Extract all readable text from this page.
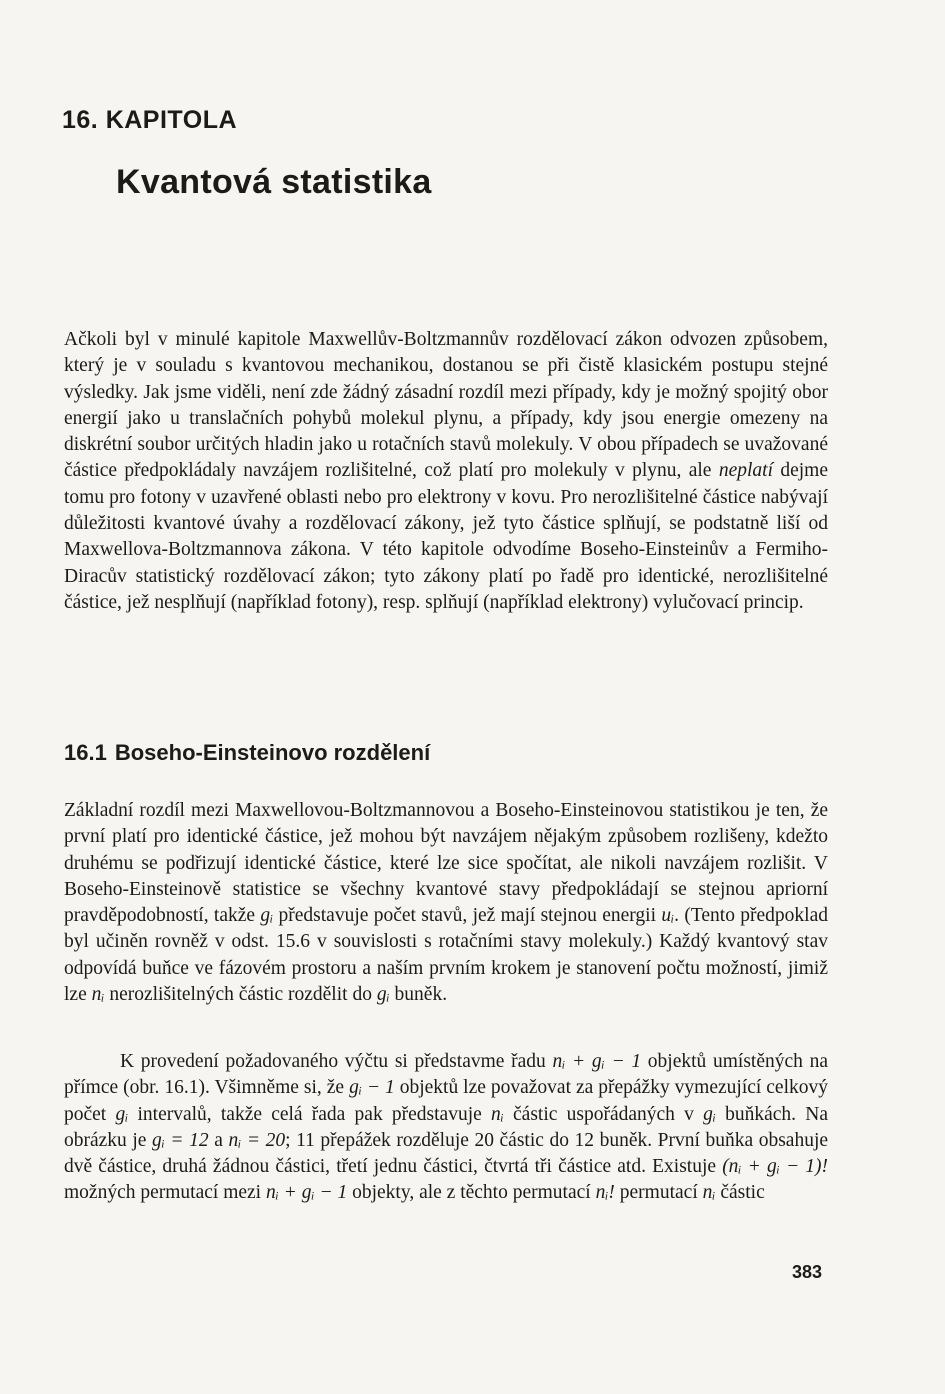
16. KAPITOLA
Kvantová statistika

Ačkoli byl v minulé kapitole Maxwellův-Boltzmannův rozdělovací zákon odvozen způsobem, který je v souladu s kvantovou mechanikou, dostanou se při čistě klasickém postupu stejné výsledky. Jak jsme viděli, není zde žádný zásadní rozdíl mezi případy, kdy je možný spojitý obor energií jako u translačních pohybů molekul plynu, a případy, kdy jsou energie omezeny na diskrétní soubor určitých hladin jako u rotačních stavů molekuly. V obou případech se uvažované částice předpokládaly navzájem rozlišitelné, což platí pro molekuly v plynu, ale neplatí dejme tomu pro fotony v uzavřené oblasti nebo pro elektrony v kovu. Pro nerozlišitelné částice nabývají důležitosti kvantové úvahy a rozdělovací zákony, jež tyto částice splňují, se podstatně liší od Maxwellova-Boltzmannova zákona. V této kapitole odvodíme Boseho-Einsteinův a Fermiho-Diracův statistický rozdělovací zákon; tyto zákony platí po řadě pro identické, nerozlišitelné částice, jež nesplňují (například fotony), resp. splňují (například elektrony) vylučovací princip.

16.1 Boseho-Einsteinovo rozdělení

Základní rozdíl mezi Maxwellovou-Boltzmannovou a Boseho-Einsteinovou statistikou je ten, že první platí pro identické částice, jež mohou být navzájem nějakým způsobem rozlišeny, kdežto druhému se podřizují identické částice, které lze sice spočítat, ale nikoli navzájem rozlišit. V Boseho-Einsteinově statistice se všechny kvantové stavy předpokládají se stejnou apriorní pravděpodobností, takže gᵢ představuje počet stavů, jež mají stejnou energii uᵢ. (Tento předpoklad byl učiněn rovněž v odst. 15.6 v souvislosti s rotačními stavy molekuly.) Každý kvantový stav odpovídá buňce ve fázovém prostoru a naším prvním krokem je stanovení počtu možností, jimiž lze nᵢ nerozlišitelných částic rozdělit do gᵢ buněk.

K provedení požadovaného výčtu si představme řadu nᵢ + gᵢ − 1 objektů umístěných na přímce (obr. 16.1). Všimněme si, že gᵢ − 1 objektů lze považovat za přepážky vymezující celkový počet gᵢ intervalů, takže celá řada pak představuje nᵢ částic uspořádaných v gᵢ buňkách. Na obrázku je gᵢ = 12 a nᵢ = 20; 11 přepážek rozděluje 20 částic do 12 buněk. První buňka obsahuje dvě částice, druhá žádnou částici, třetí jednu částici, čtvrtá tři částice atd. Existuje (nᵢ + gᵢ − 1)! možných permutací mezi nᵢ + gᵢ − 1 objekty, ale z těchto permutací nᵢ! permutací nᵢ částic

383
